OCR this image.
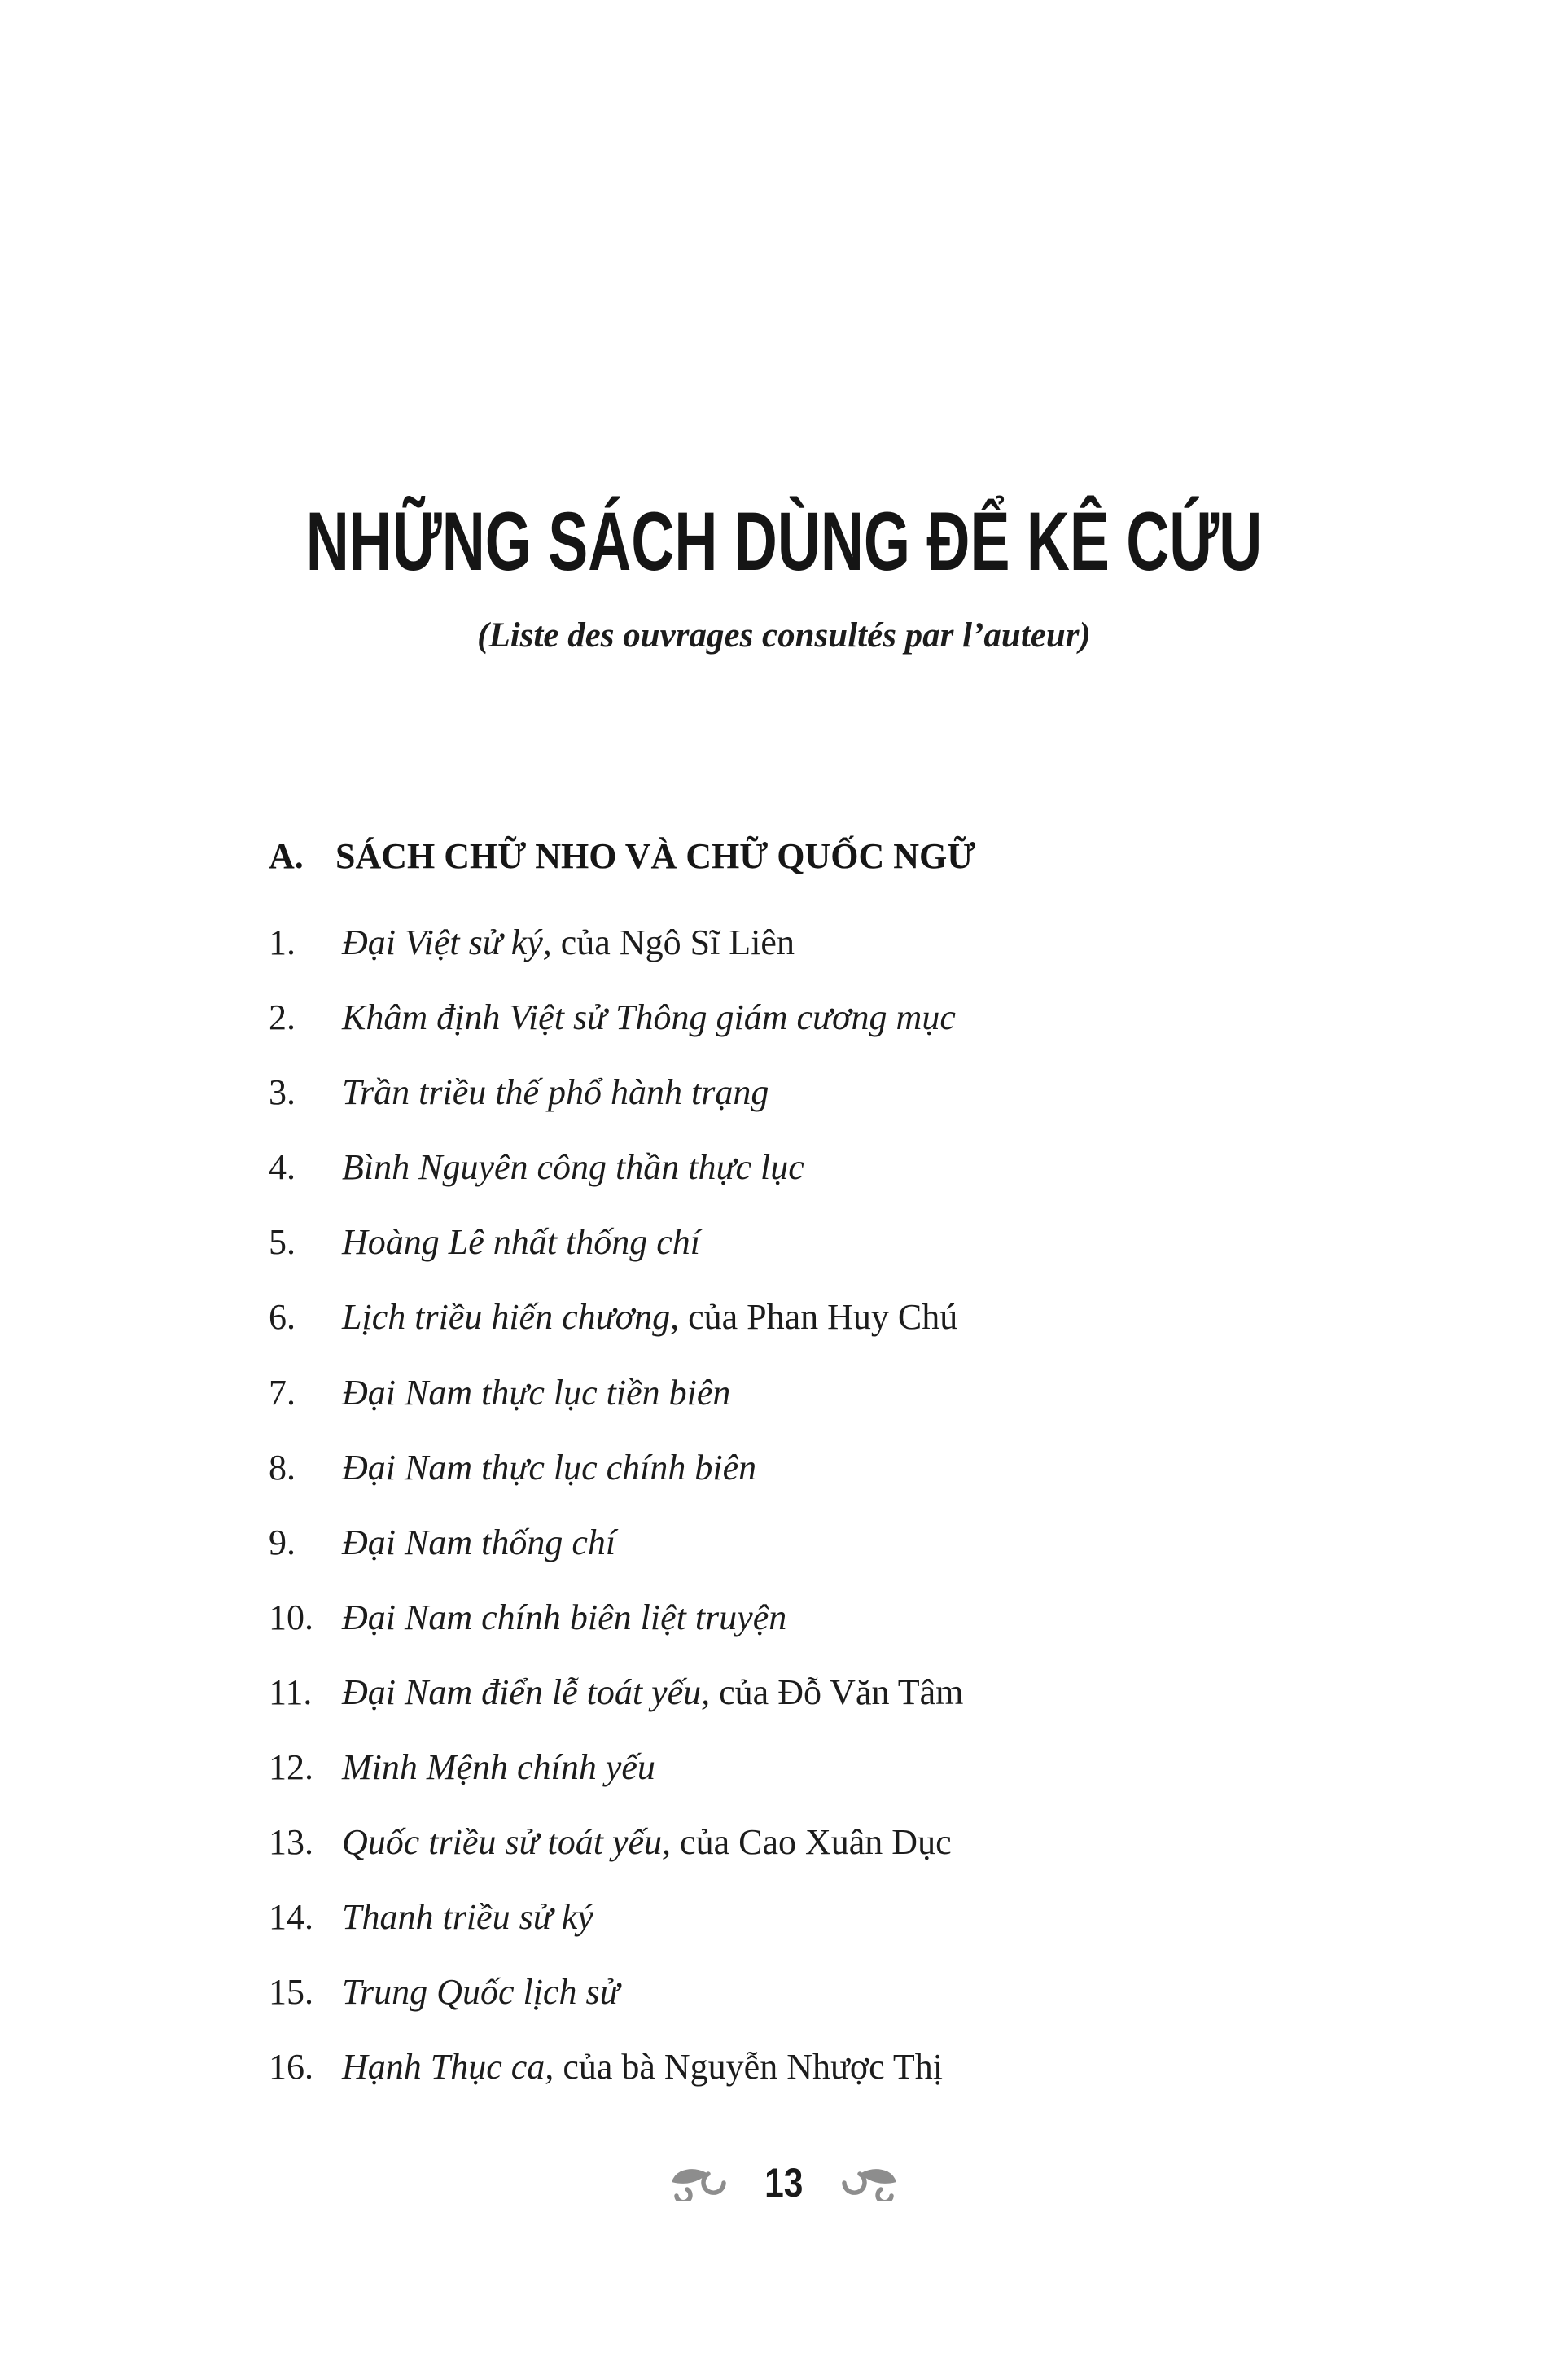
NHỮNG SÁCH DÙNG ĐỂ KÊ CỨU
(Liste des ouvrages consultés par l’auteur)
A. SÁCH CHỮ NHO VÀ CHỮ QUỐC NGỮ
1. Đại Việt sử ký, của Ngô Sĩ Liên
2. Khâm định Việt sử Thông giám cương mục
3. Trần triều thế phổ hành trạng
4. Bình Nguyên công thần thực lục
5. Hoàng Lê nhất thống chí
6. Lịch triều hiến chương, của Phan Huy Chú
7. Đại Nam thực lục tiền biên
8. Đại Nam thực lục chính biên
9. Đại Nam thống chí
10. Đại Nam chính biên liệt truyện
11. Đại Nam điển lễ toát yếu, của Đỗ Văn Tâm
12. Minh Mệnh chính yếu
13. Quốc triều sử toát yếu, của Cao Xuân Dục
14. Thanh triều sử ký
15. Trung Quốc lịch sử
16. Hạnh Thục ca, của bà Nguyễn Nhược Thị
13
